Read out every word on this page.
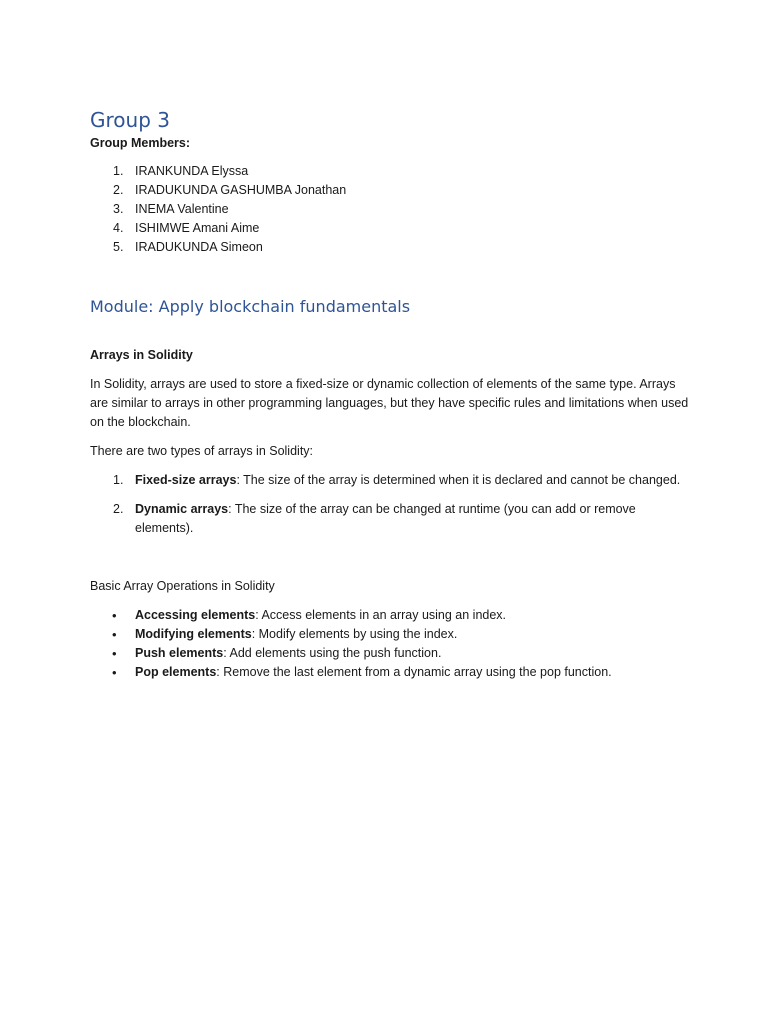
Group 3
Group Members:
1. IRANKUNDA Elyssa
2. IRADUKUNDA GASHUMBA Jonathan
3. INEMA Valentine
4. ISHIMWE Amani Aime
5. IRADUKUNDA Simeon
Module: Apply blockchain fundamentals
Arrays in Solidity

In Solidity, arrays are used to store a fixed-size or dynamic collection of elements of the same type. Arrays are similar to arrays in other programming languages, but they have specific rules and limitations when used on the blockchain.

There are two types of arrays in Solidity:

1. Fixed-size arrays: The size of the array is determined when it is declared and cannot be changed.
2. Dynamic arrays: The size of the array can be changed at runtime (you can add or remove elements).
Basic Array Operations in Solidity
• Accessing elements: Access elements in an array using an index.
• Modifying elements: Modify elements by using the index.
• Push elements: Add elements using the push function.
• Pop elements: Remove the last element from a dynamic array using the pop function.
